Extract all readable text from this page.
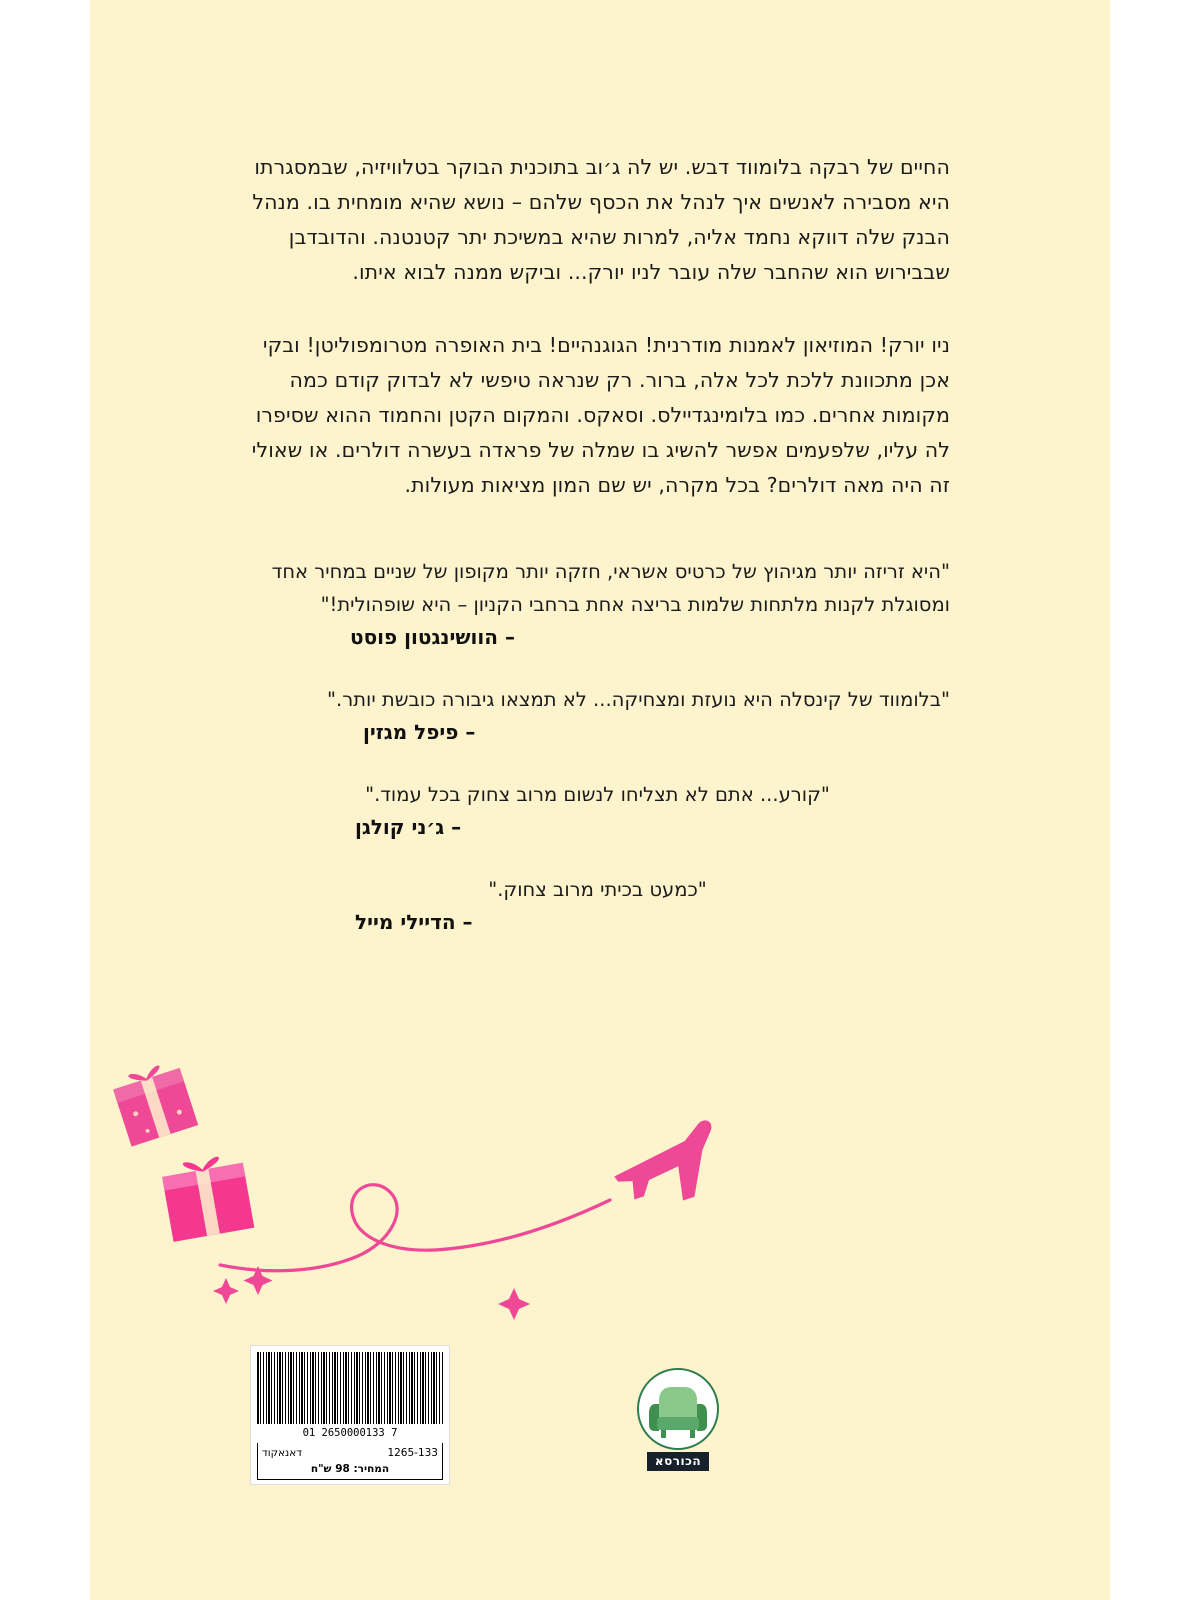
החיים של רבקה בלומווד דבש. יש לה ג׳וב בתוכנית הבוקר בטלוויזיה, שבמסגרתו היא מסבירה לאנשים איך לנהל את הכסף שלהם – נושא שהיא מומחית בו. מנהל הבנק שלה דווקא נחמד אליה, למרות שהיא במשיכת יתר קטנטנה. והדובדבן שבבירוש הוא שהחבר שלה עובר לניו יורק... וביקש ממנה לבוא איתו.

ניו יורק! המוזיאון לאמנות מודרנית! הגוגנהיים! בית האופרה מטרומפוליטן! ובקי אכן מתכוונת ללכת לכל אלה, ברור. רק שנראה טיפשי לא לבדוק קודם כמה מקומות אחרים. כמו בלומינגדיילס. וסאקס. והמקום הקטן והחמוד ההוא שסיפרו לה עליו, שלפעמים אפשר להשיג בו שמלה של פראדה בעשרה דולרים. או שאולי זה היה מאה דולרים? בכל מקרה, יש שם המון מציאות מעולות.

"היא זריזה יותר מגיהוץ של כרטיס אשראי, חזקה יותר מקופון של שניים במחיר אחד ומסוגלת לקנות מלתחות שלמות בריצה אחת ברחבי הקניון – היא שופהולית!"

– הוושינגטון פוסט

"בלומווד של קינסלה היא נועזת ומצחיקה... לא תמצאו גיבורה כובשת יותר."

– פיפל מגזין

"קורע... אתם לא תצליחו לנשום מרוב צחוק בכל עמוד."

– ג׳ני קולגן

"כמעט בכיתי מרוב צחוק."

– הדיילי מייל

01 2650000133 7
1265-133
דאנאקוד
המחיר: 98 ש"ח
הכורסא
